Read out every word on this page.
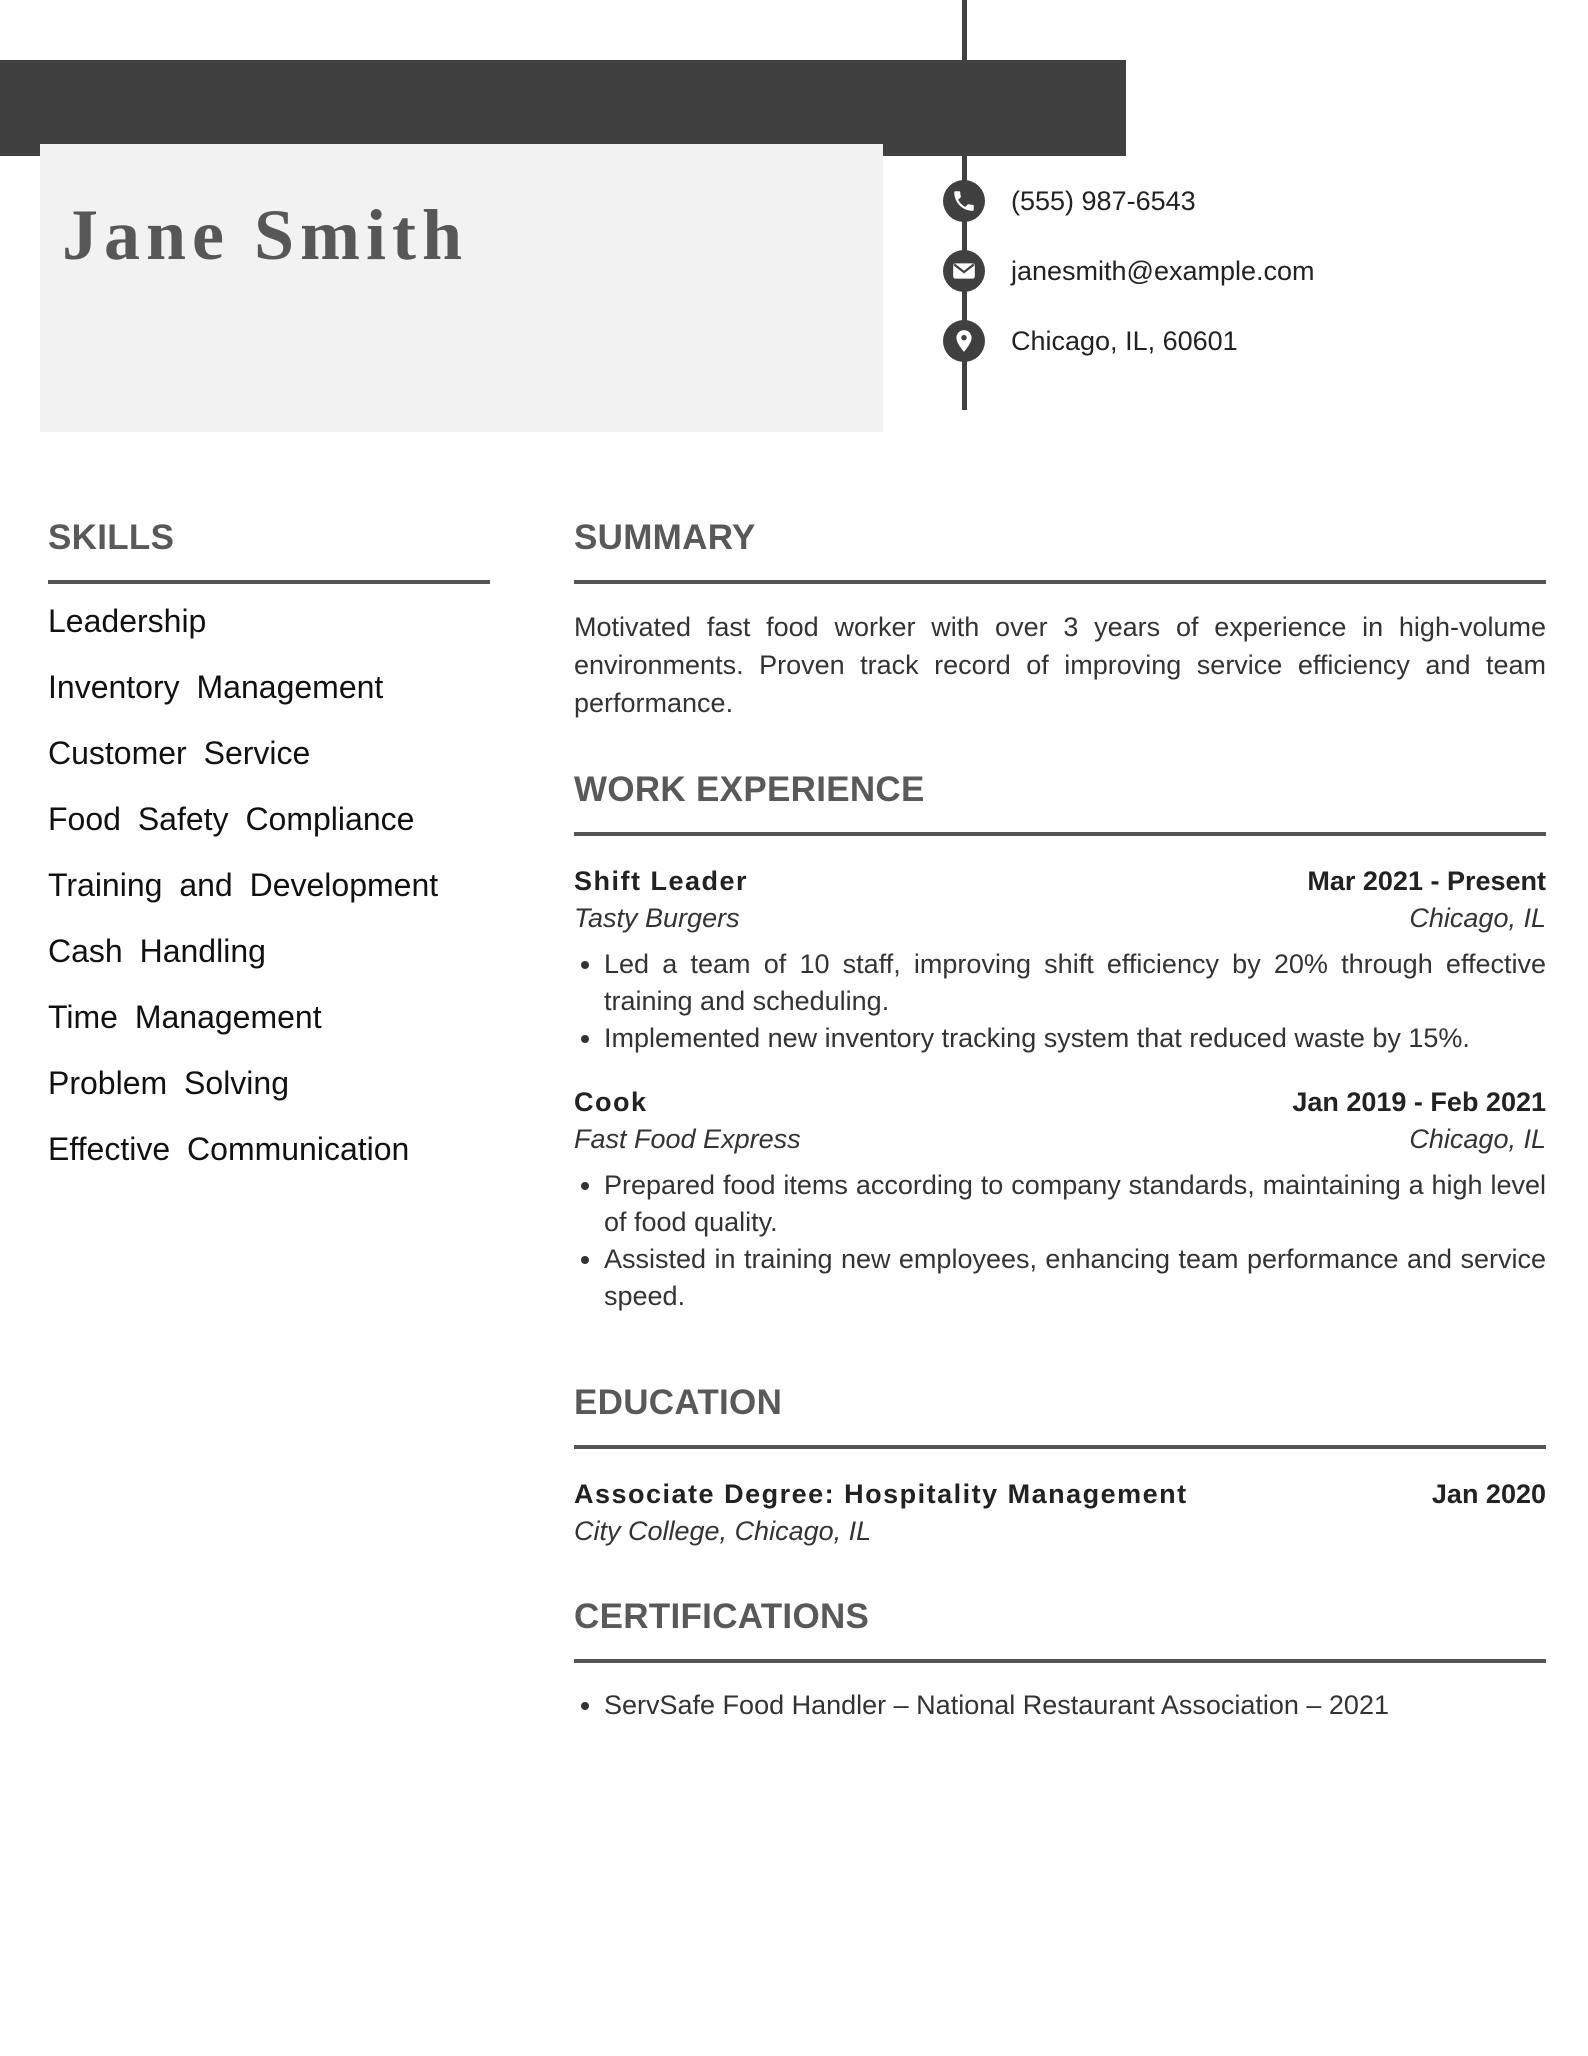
Jane Smith	(555) 987-6543
janesmith@example.com
Chicago, IL, 60601
SKILLS
Leadership
Inventory Management
Customer Service
Food Safety Compliance
Training and Development
Cash Handling
Time Management
Problem Solving
Effective Communication
SUMMARY

Motivated fast food worker with over 3 years of experience in high-volume environments. Proven track record of improving service efficiency and team performance.

WORK EXPERIENCE
Shift Leader	Mar 2021 - Present
Tasty Burgers	Chicago, IL
• Led a team of 10 staff, improving shift efficiency by 20% through effective training and scheduling.
• Implemented new inventory tracking system that reduced waste by 15%.
Cook	Jan 2019 - Feb 2021
Fast Food Express	Chicago, IL
• Prepared food items according to company standards, maintaining a high level of food quality.
• Assisted in training new employees, enhancing team performance and service speed.
EDUCATION
Associate Degree: Hospitality Management	Jan 2020
City College, Chicago, IL
CERTIFICATIONS
• ServSafe Food Handler – National Restaurant Association – 2021
